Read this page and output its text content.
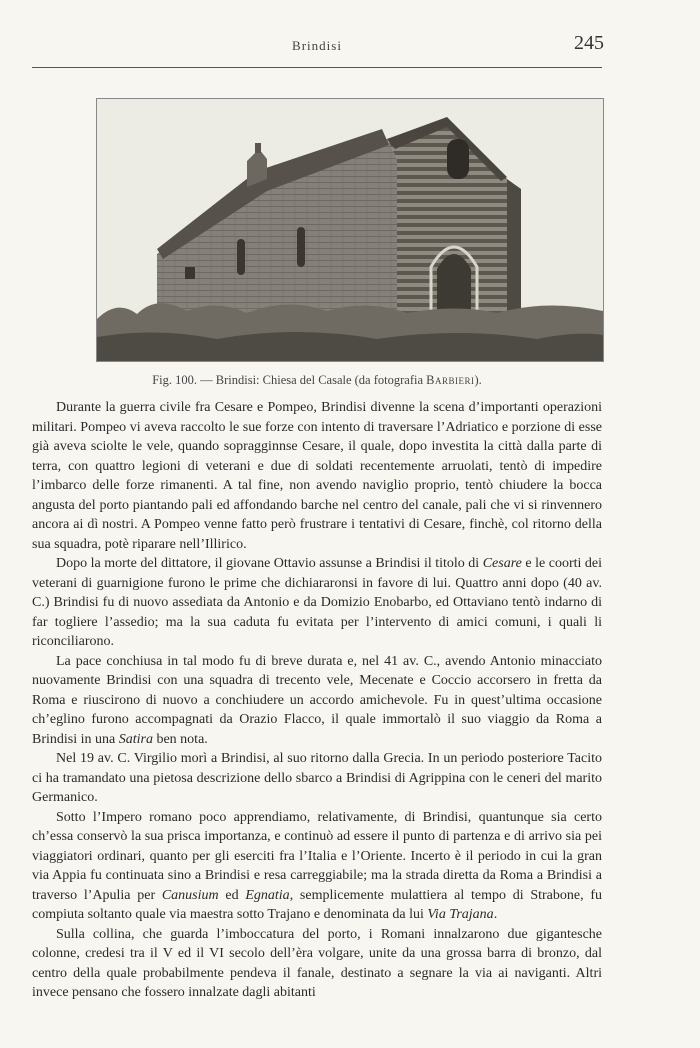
Brindisi	245
Fig. 100. — Brindisi: Chiesa del Casale (da fotografia Barbieri).

Durante la guerra civile fra Cesare e Pompeo, Brindisi divenne la scena d’importanti operazioni militari. Pompeo vi aveva raccolto le sue forze con intento di traversare l’Adriatico e porzione di esse già aveva sciolte le vele, quando sopragginnse Cesare, il quale, dopo investita la città dalla parte di terra, con quattro legioni di veterani e due di soldati recentemente arruolati, tentò di impedire l’imbarco delle forze rimanenti. A tal fine, non avendo naviglio proprio, tentò chiudere la bocca angusta del porto piantando pali ed affondando barche nel centro del canale, pali che vi si rinvennero ancora ai dì nostri. A Pompeo venne fatto però frustrare i tentativi di Cesare, finchè, col ritorno della sua squadra, potè riparare nell’Illirico.

Dopo la morte del dittatore, il giovane Ottavio assunse a Brindisi il titolo di Cesare e le coorti dei veterani di guarnigione furono le prime che dichiararonsi in favore di lui. Quattro anni dopo (40 av. C.) Brindisi fu di nuovo assediata da Antonio e da Domizio Enobarbo, ed Ottaviano tentò indarno di far togliere l’assedio; ma la sua caduta fu evitata per l’intervento di amici comuni, i quali li riconciliarono.

La pace conchiusa in tal modo fu di breve durata e, nel 41 av. C., avendo Antonio minacciato nuovamente Brindisi con una squadra di trecento vele, Mecenate e Coccio accorsero in fretta da Roma e riuscirono di nuovo a conchiudere un accordo amichevole. Fu in quest’ultima occasione ch’eglino furono accompagnati da Orazio Flacco, il quale immortalò il suo viaggio da Roma a Brindisi in una Satira ben nota.

Nel 19 av. C. Virgilio morì a Brindisi, al suo ritorno dalla Grecia. In un periodo posteriore Tacito ci ha tramandato una pietosa descrizione dello sbarco a Brindisi di Agrippina con le ceneri del marito Germanico.

Sotto l’Impero romano poco apprendiamo, relativamente, di Brindisi, quantunque sia certo ch’essa conservò la sua prisca importanza, e continuò ad essere il punto di partenza e di arrivo sia pei viaggiatori ordinari, quanto per gli eserciti fra l’Italia e l’Oriente. Incerto è il periodo in cui la gran via Appia fu continuata sino a Brindisi e resa carreggiabile; ma la strada diretta da Roma a Brindisi a traverso l’Apulia per Canusium ed Egnatia, semplicemente mulattiera al tempo di Strabone, fu compiuta soltanto quale via maestra sotto Trajano e denominata da lui Via Trajana.

Sulla collina, che guarda l’imboccatura del porto, i Romani innalzarono due gigantesche colonne, credesi tra il V ed il VI secolo dell’èra volgare, unite da una grossa barra di bronzo, dal centro della quale probabilmente pendeva il fanale, destinato a segnare la via ai naviganti. Altri invece pensano che fossero innalzate dagli abitanti
